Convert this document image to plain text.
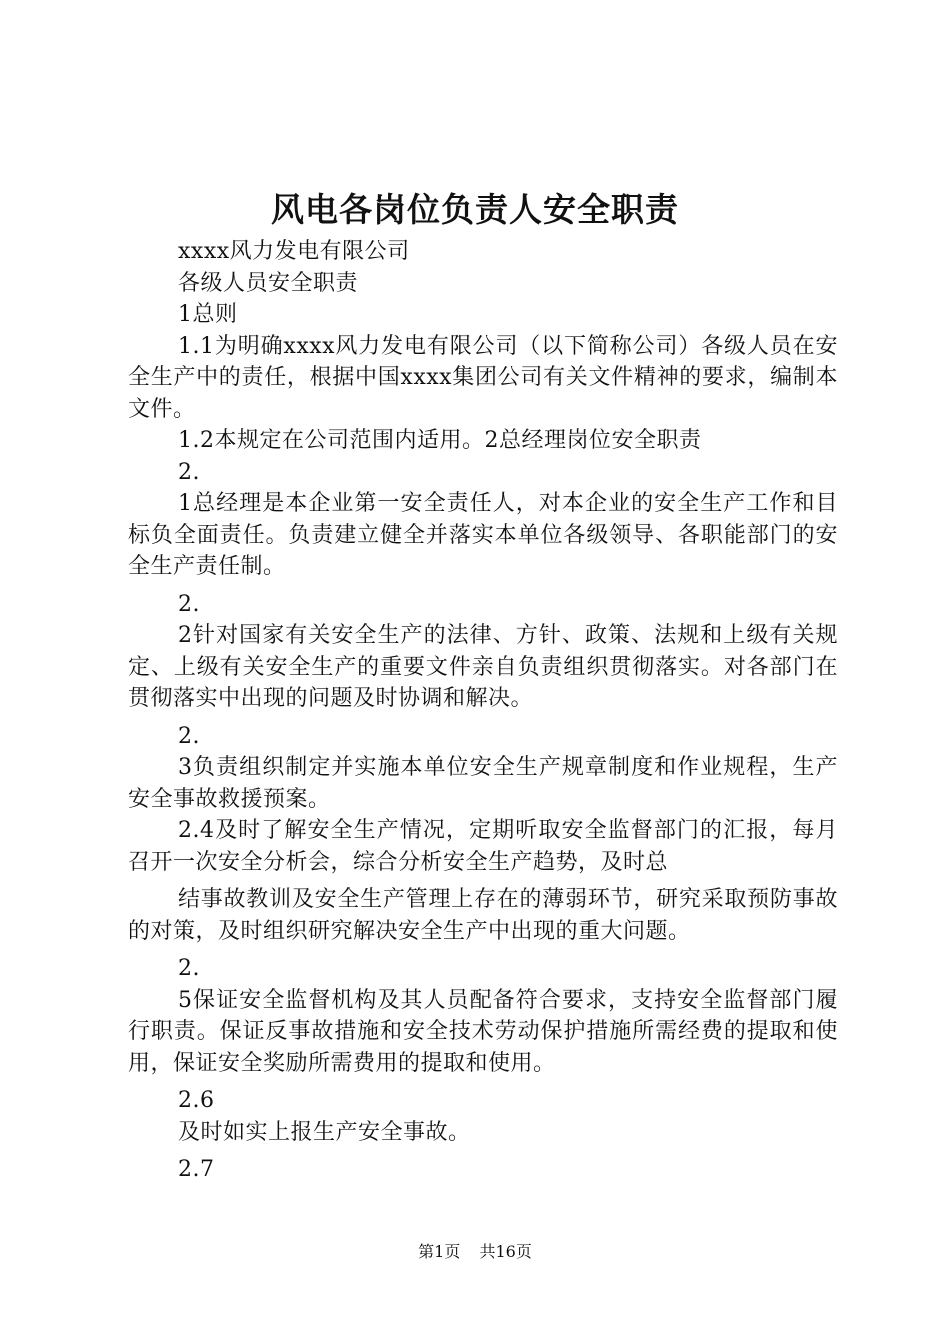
风电各岗位负责人安全职责

xxxx风力发电有限公司

各级人员安全职责

1总则

1.1为明确xxxx风力发电有限公司（以下简称公司）各级人员在安全生产中的责任，根据中国xxxx集团公司有关文件精神的要求，编制本文件。

1.2本规定在公司范围内适用。2总经理岗位安全职责

2.

1总经理是本企业第一安全责任人，对本企业的安全生产工作和目标负全面责任。负责建立健全并落实本单位各级领导、各职能部门的安全生产责任制。

2.

2针对国家有关安全生产的法律、方针、政策、法规和上级有关规定、上级有关安全生产的重要文件亲自负责组织贯彻落实。对各部门在贯彻落实中出现的问题及时协调和解决。

2.

3负责组织制定并实施本单位安全生产规章制度和作业规程，生产安全事故救援预案。

2.4及时了解安全生产情况，定期听取安全监督部门的汇报，每月召开一次安全分析会，综合分析安全生产趋势，及时总

结事故教训及安全生产管理上存在的薄弱环节，研究采取预防事故的对策，及时组织研究解决安全生产中出现的重大问题。

2.

5保证安全监督机构及其人员配备符合要求，支持安全监督部门履行职责。保证反事故措施和安全技术劳动保护措施所需经费的提取和使用，保证安全奖励所需费用的提取和使用。

2.6

及时如实上报生产安全事故。

2.7

第1页 共16页
